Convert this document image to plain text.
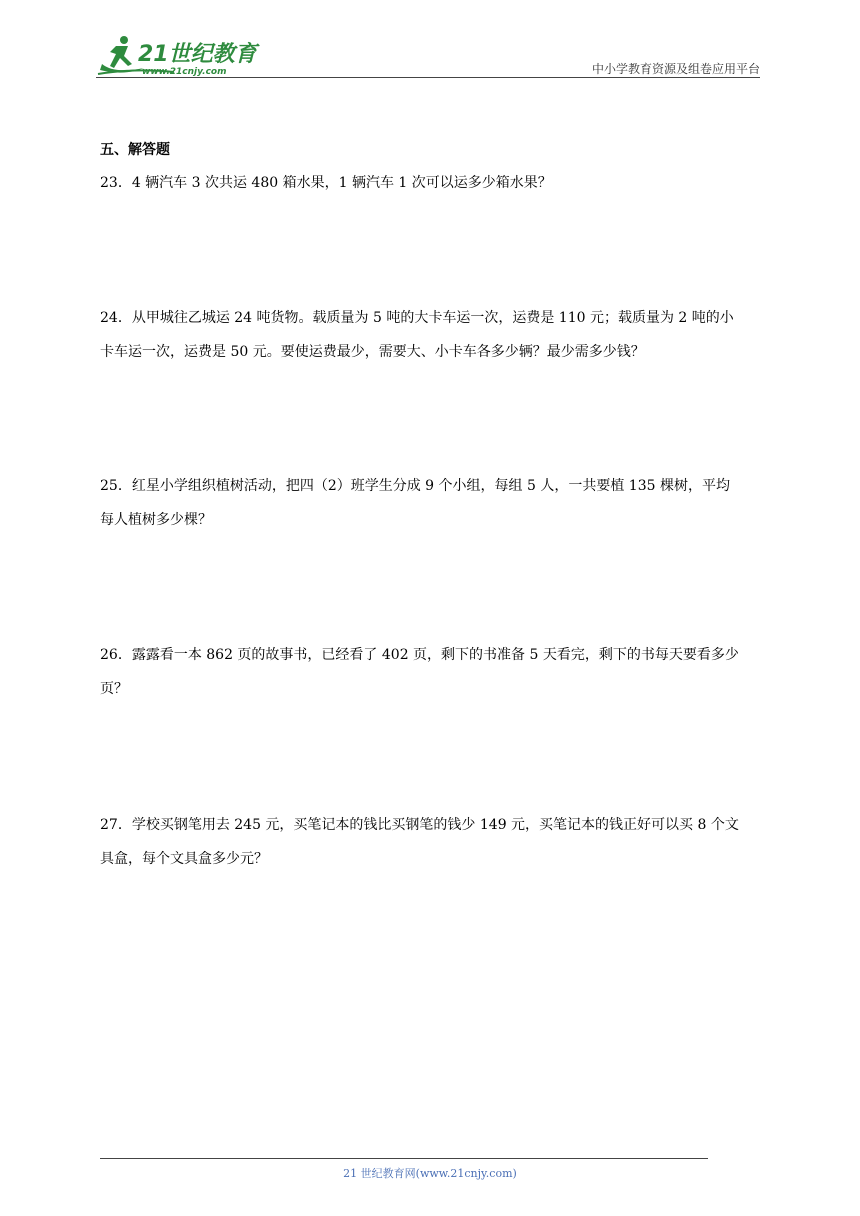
21世纪教育
www.21cnjy.com	中小学教育资源及组卷应用平台
五、解答题

23．4 辆汽车 3 次共运 480 箱水果，1 辆汽车 1 次可以运多少箱水果？

24．从甲城往乙城运 24 吨货物。载质量为 5 吨的大卡车运一次，运费是 110 元；载质量为 2 吨的小

卡车运一次，运费是 50 元。要使运费最少，需要大、小卡车各多少辆？最少需多少钱？

25．红星小学组织植树活动，把四（2）班学生分成 9 个小组，每组 5 人，一共要植 135 棵树，平均

每人植树多少棵？

26．露露看一本 862 页的故事书，已经看了 402 页，剩下的书准备 5 天看完，剩下的书每天要看多少

页？

27．学校买钢笔用去 245 元，买笔记本的钱比买钢笔的钱少 149 元，买笔记本的钱正好可以买 8 个文

具盒，每个文具盒多少元？

21 世纪教育网(www.21cnjy.com)
